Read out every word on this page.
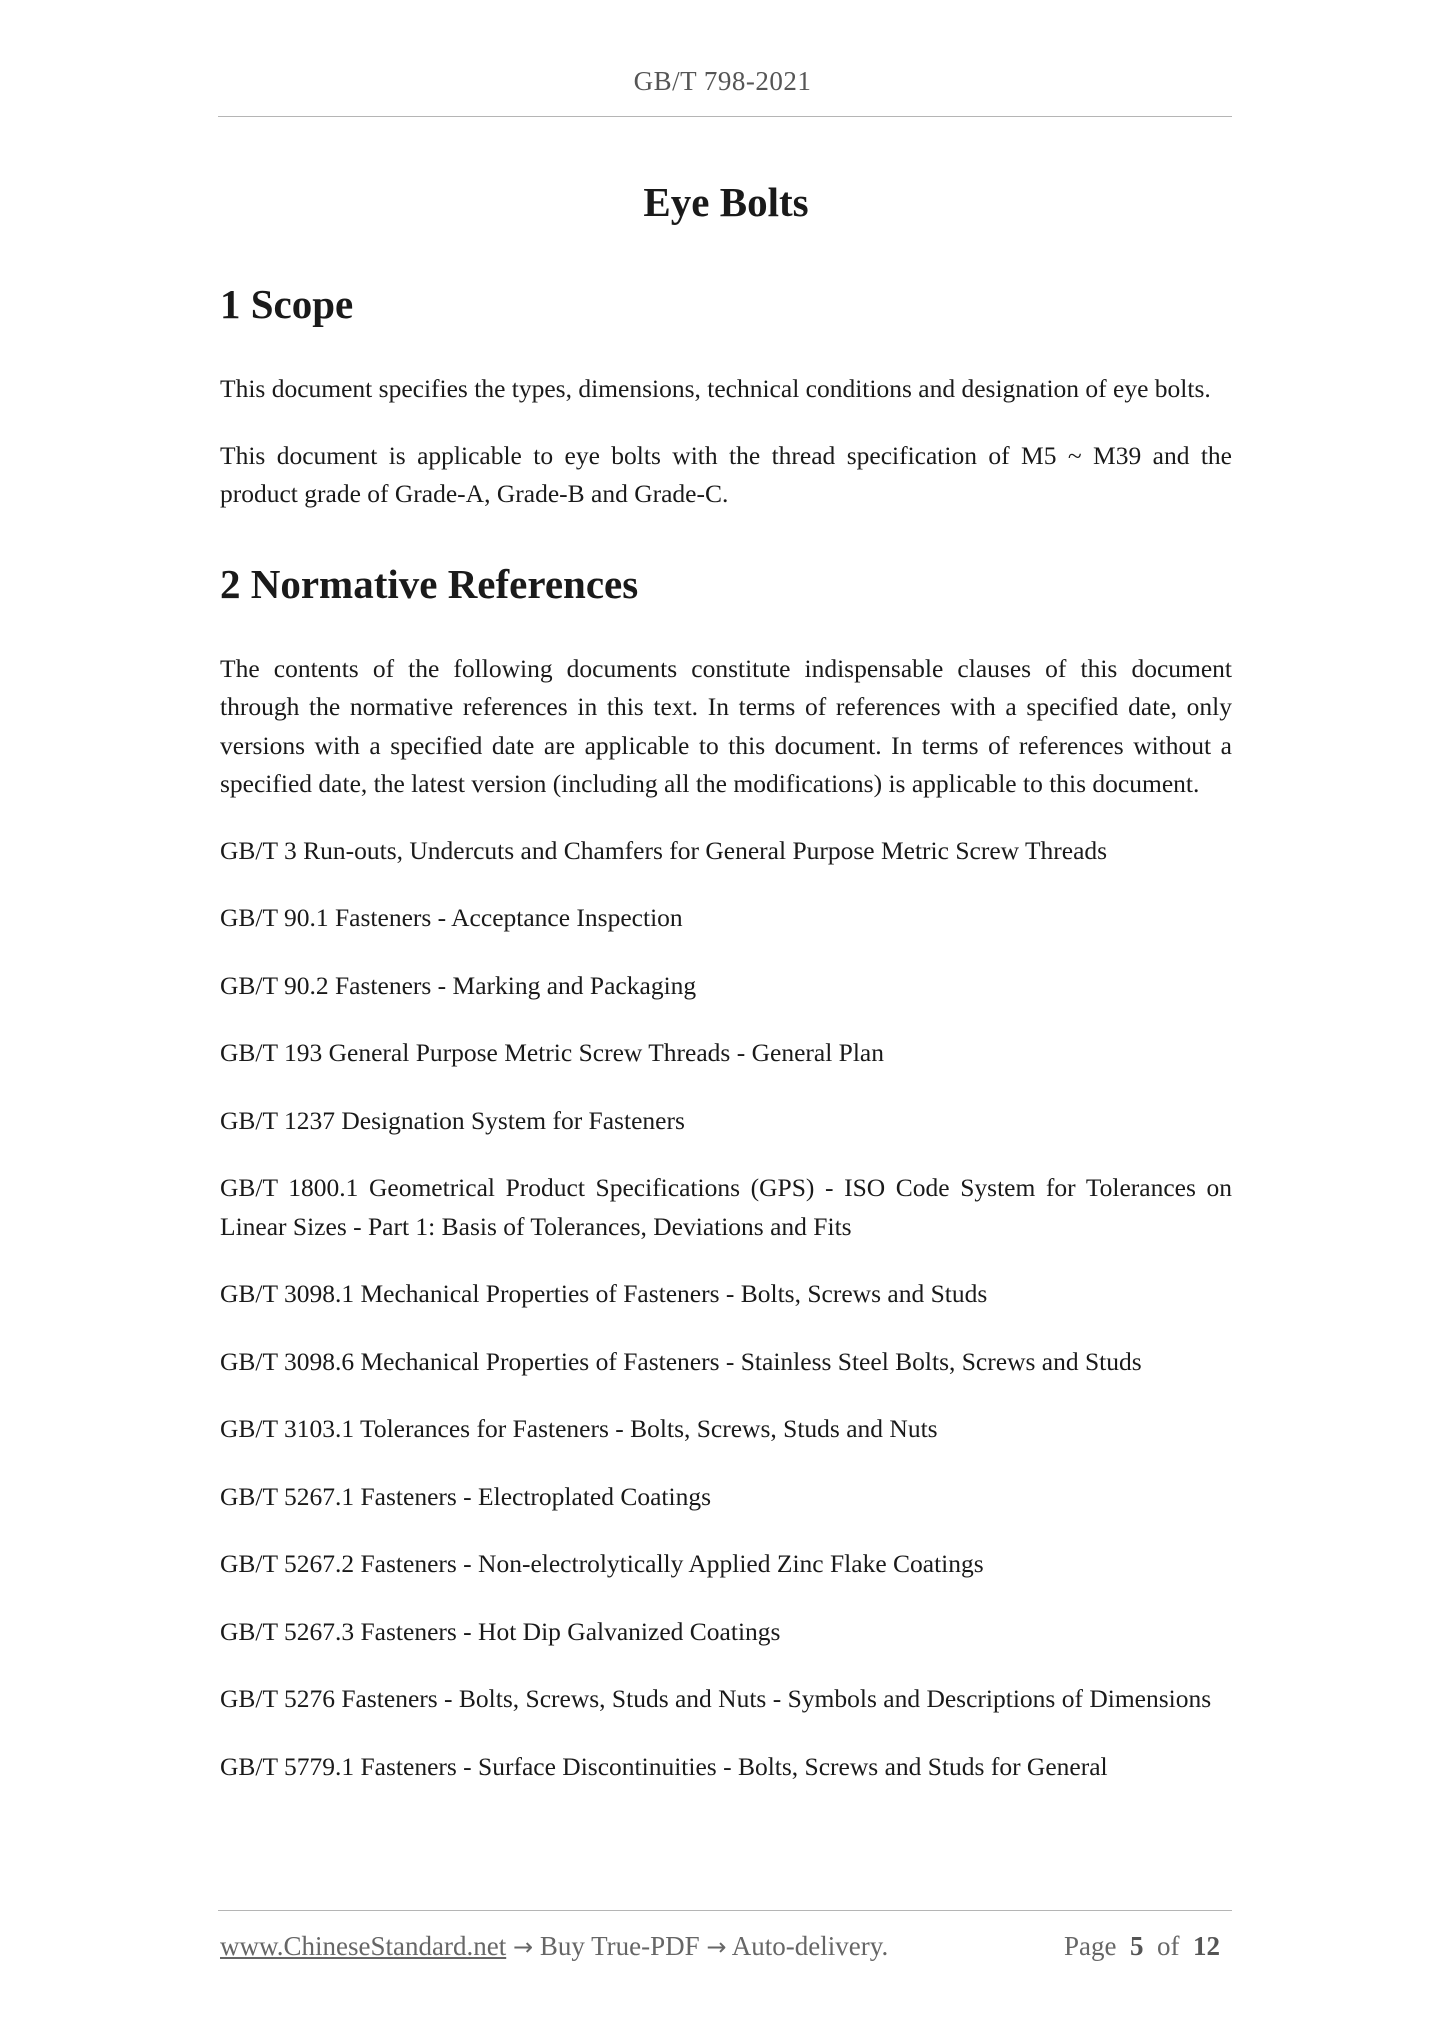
GB/T 798-2021
Eye Bolts
1 Scope

This document specifies the types, dimensions, technical conditions and designation of eye bolts.

This document is applicable to eye bolts with the thread specification of M5 ~ M39 and the product grade of Grade-A, Grade-B and Grade-C.

2 Normative References

The contents of the following documents constitute indispensable clauses of this document through the normative references in this text. In terms of references with a specified date, only versions with a specified date are applicable to this document. In terms of references without a specified date, the latest version (including all the modifications) is applicable to this document.

GB/T 3 Run-outs, Undercuts and Chamfers for General Purpose Metric Screw Threads

GB/T 90.1 Fasteners - Acceptance Inspection

GB/T 90.2 Fasteners - Marking and Packaging

GB/T 193 General Purpose Metric Screw Threads - General Plan

GB/T 1237 Designation System for Fasteners

GB/T 1800.1 Geometrical Product Specifications (GPS) - ISO Code System for Tolerances on Linear Sizes - Part 1: Basis of Tolerances, Deviations and Fits

GB/T 3098.1 Mechanical Properties of Fasteners - Bolts, Screws and Studs

GB/T 3098.6 Mechanical Properties of Fasteners - Stainless Steel Bolts, Screws and Studs

GB/T 3103.1 Tolerances for Fasteners - Bolts, Screws, Studs and Nuts

GB/T 5267.1 Fasteners - Electroplated Coatings

GB/T 5267.2 Fasteners - Non-electrolytically Applied Zinc Flake Coatings

GB/T 5267.3 Fasteners - Hot Dip Galvanized Coatings

GB/T 5276 Fasteners - Bolts, Screws, Studs and Nuts - Symbols and Descriptions of Dimensions

GB/T 5779.1 Fasteners - Surface Discontinuities - Bolts, Screws and Studs for General

www.ChineseStandard.net → Buy True-PDF → Auto-delivery.	Page 5 of 12
